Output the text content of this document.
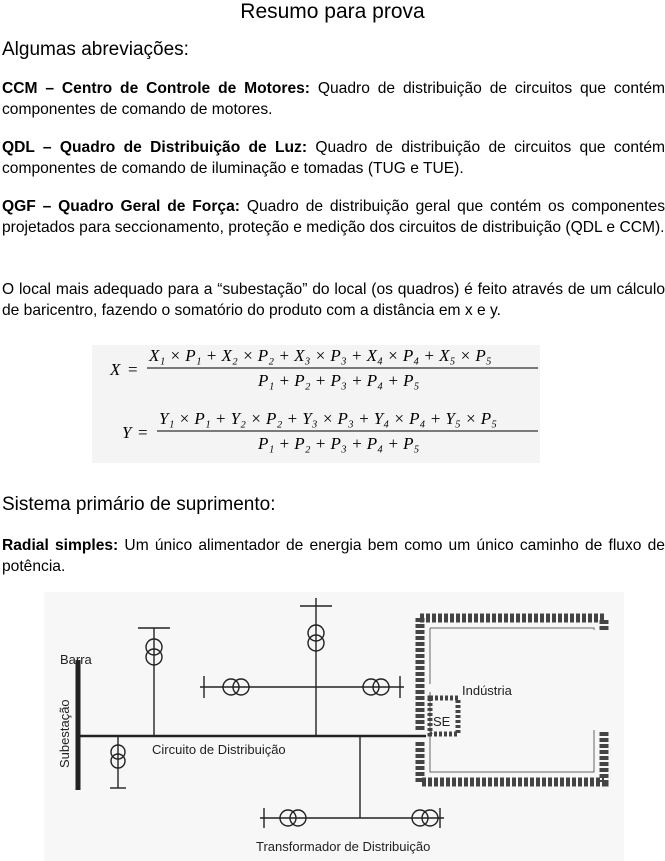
Resumo para prova
Algumas abreviações:
CCM – Centro de Controle de Motores: Quadro de distribuição de circuitos que contém componentes de comando de motores.
QDL – Quadro de Distribuição de Luz: Quadro de distribuição de circuitos que contém componentes de comando de iluminação e tomadas (TUG e TUE).
QGF – Quadro Geral de Força: Quadro de distribuição geral que contém os componentes projetados para seccionamento, proteção e medição dos circuitos de distribuição (QDL e CCM).
O local mais adequado para a “subestação” do local (os quadros) é feito através de um cálculo de baricentro, fazendo o somatório do produto com a distância em x e y.
X =
X₁ × P₁ + X₂ × P₂ + X₃ × P₃ + X₄ × P₄ + X₅ × P₅
P₁ + P₂ + P₃ + P₄ + P₅
Y =
Y₁ × P₁ + Y₂ × P₂ + Y₃ × P₃ + Y₄ × P₄ + Y₅ × P₅
P₁ + P₂ + P₃ + P₄ + P₅
Sistema primário de suprimento:
Radial simples: Um único alimentador de energia bem como um único caminho de fluxo de potência.
Barra
Subestação	Circuito de Distribuição
Transformador de Distribuição
Indústria
SE
